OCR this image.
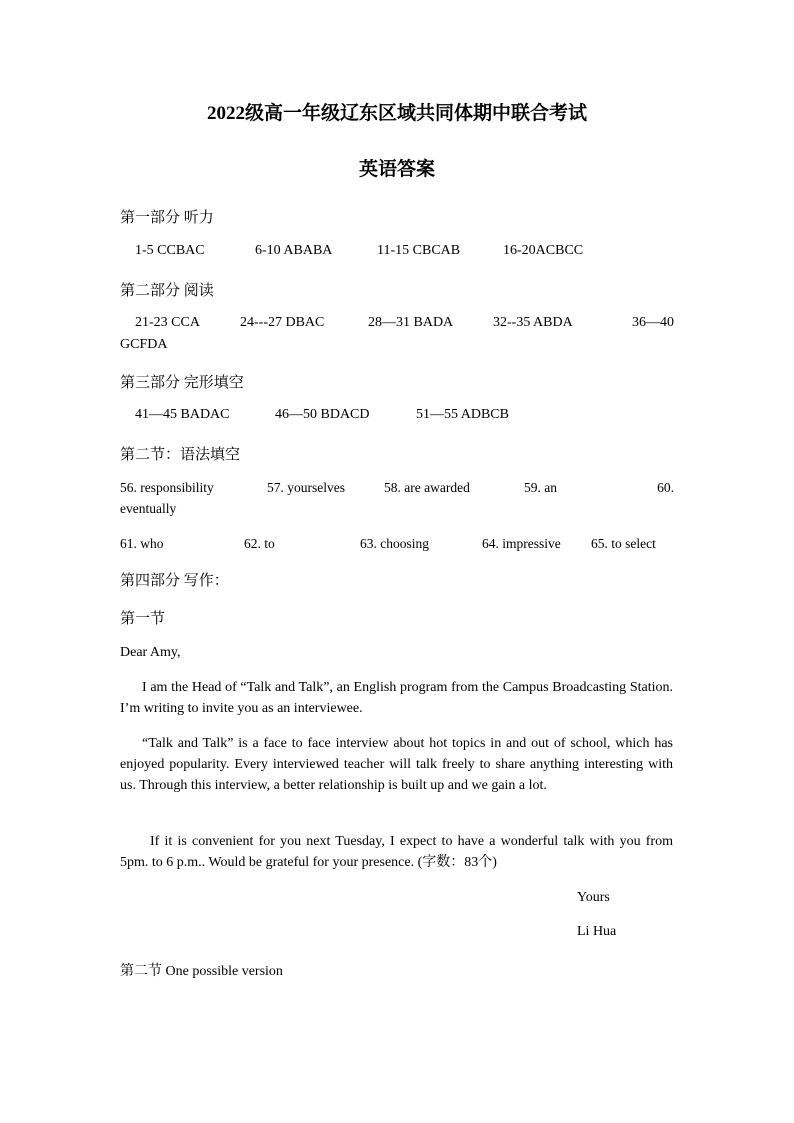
2022级高一年级辽东区域共同体期中联合考试
英语答案
第一部分 听力
1-5 CCBAC	6-10 ABABA	11-15 CBCAB	16-20ACBCC
第二部分 阅读
21-23 CCA	24---27 DBAC	28—31 BADA	32--35 ABDA	36—40
GCFDA
第三部分 完形填空
41—45 BADAC	46—50 BDACD	51—55 ADBCB
第二节：语法填空
56. responsibility	57. yourselves	58. are awarded	59. an	60.
eventually
61. who	62. to	63. choosing	64. impressive 65. to select
第四部分 写作：
第一节
Dear Amy,
I am the Head of “Talk and Talk”, an English program from the Campus Broadcasting Station. I’m writing to invite you as an interviewee.
“Talk and Talk” is a face to face interview about hot topics in and out of school, which has enjoyed popularity. Every interviewed teacher will talk freely to share anything interesting with us. Through this interview, a better relationship is built up and we gain a lot.
If it is convenient for you next Tuesday, I expect to have a wonderful talk with you from 5pm. to 6 p.m.. Would be grateful for your presence. (字数：83个)
Yours
Li Hua
第二节 One possible version
